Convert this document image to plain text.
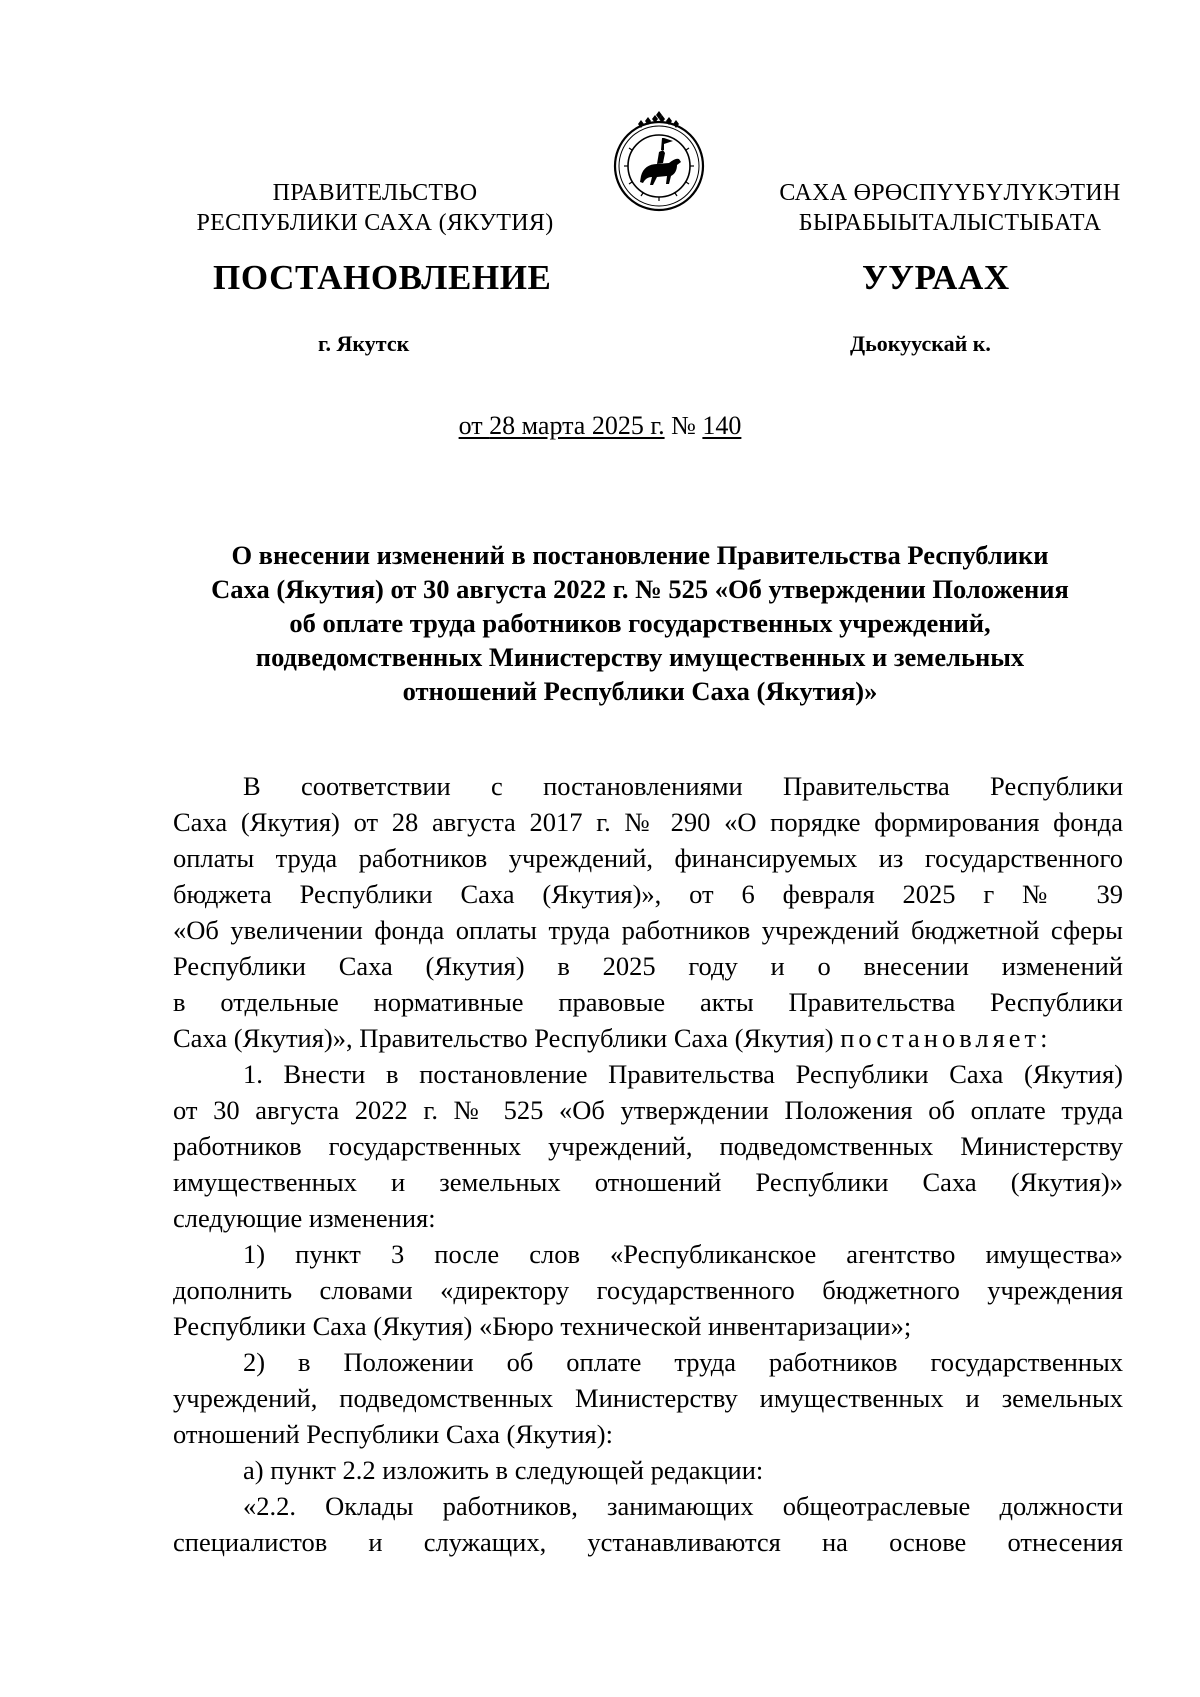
ПРАВИТЕЛЬСТВО
РЕСПУБЛИКИ САХА (ЯКУТИЯ)
САХА ӨРӨСПҮҮБҮЛҮКЭТИН
БЫРАБЫЫТАЛЫСТЫБАТА
ПОСТАНОВЛЕНИЕ	УУРААХ
г. Якутск	Дьокуускай к.
от 28 марта 2025 г. № 140
О внесении изменений в постановление Правительства Республики
Саха (Якутия) от 30 августа 2022 г. № 525 «Об утверждении Положения
об оплате труда работников государственных учреждений,
подведомственных Министерству имущественных и земельных
отношений Республики Саха (Якутия)»
В соответствии с постановлениями Правительства Республики
Саха (Якутия) от 28 августа 2017 г. № 290 «О порядке формирования фонда
оплаты труда работников учреждений, финансируемых из государственного
бюджета Республики Саха (Якутия)», от 6 февраля 2025 г № 39
«Об увеличении фонда оплаты труда работников учреждений бюджетной сферы
Республики Саха (Якутия) в 2025 году и о внесении изменений
в отдельные нормативные правовые акты Правительства Республики
Саха (Якутия)», Правительство Республики Саха (Якутия) постановляет:
1. Внести в постановление Правительства Республики Саха (Якутия)
от 30 августа 2022 г. № 525 «Об утверждении Положения об оплате труда
работников государственных учреждений, подведомственных Министерству
имущественных и земельных отношений Республики Саха (Якутия)»
следующие изменения:
1) пункт 3 после слов «Республиканское агентство имущества»
дополнить словами «директору государственного бюджетного учреждения
Республики Саха (Якутия) «Бюро технической инвентаризации»;
2) в Положении об оплате труда работников государственных
учреждений, подведомственных Министерству имущественных и земельных
отношений Республики Саха (Якутия):
а) пункт 2.2 изложить в следующей редакции:
«2.2. Оклады работников, занимающих общеотраслевые должности
специалистов и служащих, устанавливаются на основе отнесения
